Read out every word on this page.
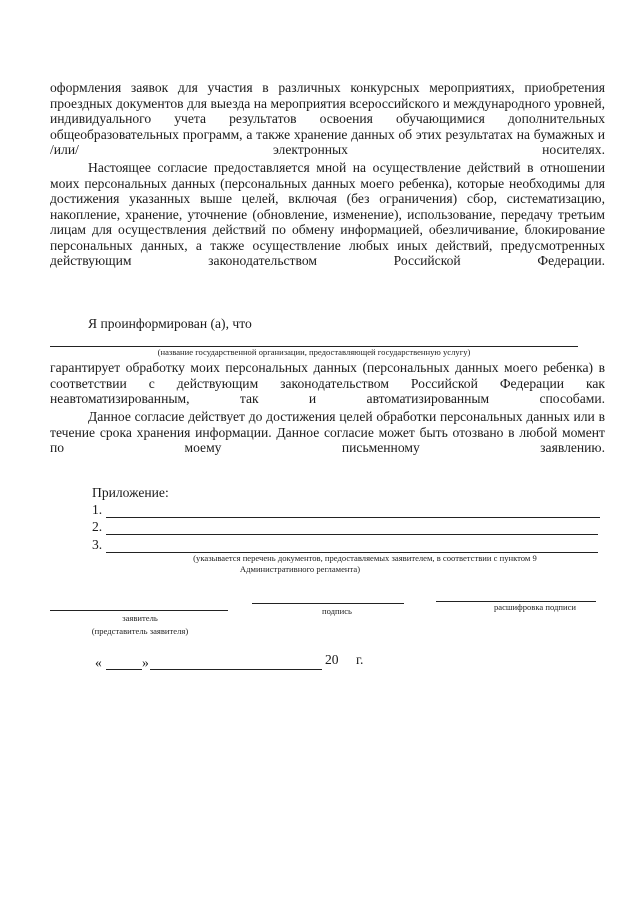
оформления заявок для участия в различных конкурсных мероприятиях, приобретения проездных документов для выезда на мероприятия всероссийского и международного уровней, индивидуального учета результатов освоения обучающимися дополнительных общеобразовательных программ, а также хранение данных об этих результатах на бумажных и /или/ электронных носителях.

Настоящее согласие предоставляется мной на осуществление действий в отношении моих персональных данных (персональных данных моего ребенка), которые необходимы для достижения указанных выше целей, включая (без ограничения) сбор, систематизацию, накопление, хранение, уточнение (обновление, изменение), использование, передачу третьим лицам для осуществления действий по обмену информацией, обезличивание, блокирование персональных данных, а также осуществление любых иных действий, предусмотренных действующим законодательством Российской Федерации.

Я проинформирован (а), что
(название государственной организации, предоставляющей государственную услугу)

гарантирует обработку моих персональных данных (персональных данных моего ребенка) в соответствии с действующим законодательством Российской Федерации как неавтоматизированным, так и автоматизированным способами.

Данное согласие действует до достижения целей обработки персональных данных или в течение срока хранения информации. Данное согласие может быть отозвано в любой момент по моему письменному заявлению.

Приложение:
1.
2.
3.
(указывается перечень документов, предоставляемых заявителем, в соответствии с пунктом 9
Административного регламента)
заявитель
(представитель заявителя)
подпись	расшифровка подписи
«	»	20 г.
